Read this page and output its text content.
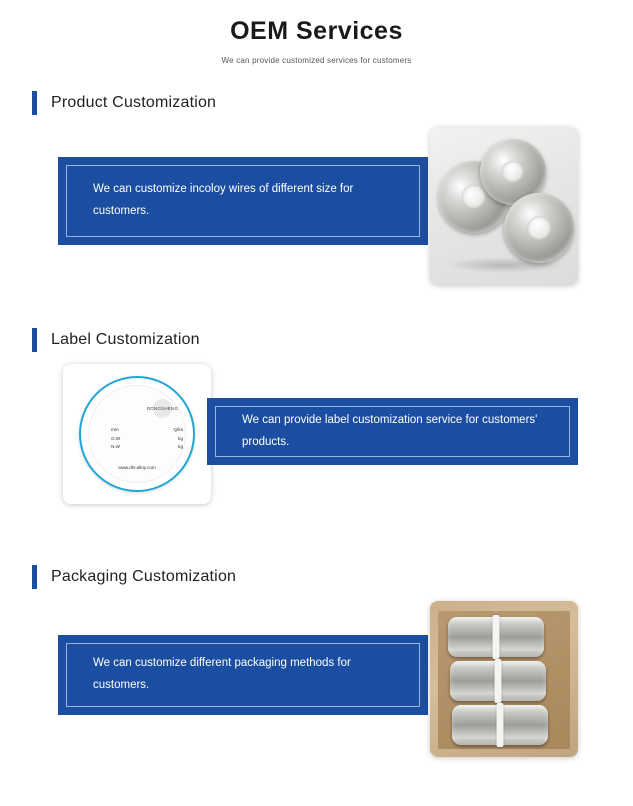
OEM Services
We can provide customized services for customers
Product Customization
We can customize incoloy wires of different size for customers.
Label Customization
RONGSHENG
mm	Q/ks
G.W	kg
N.W	kg
www.dlv-alloy.com
We can provide label customization service for customers' products.
Packaging Customization
We can customize different packaging methods for customers.
